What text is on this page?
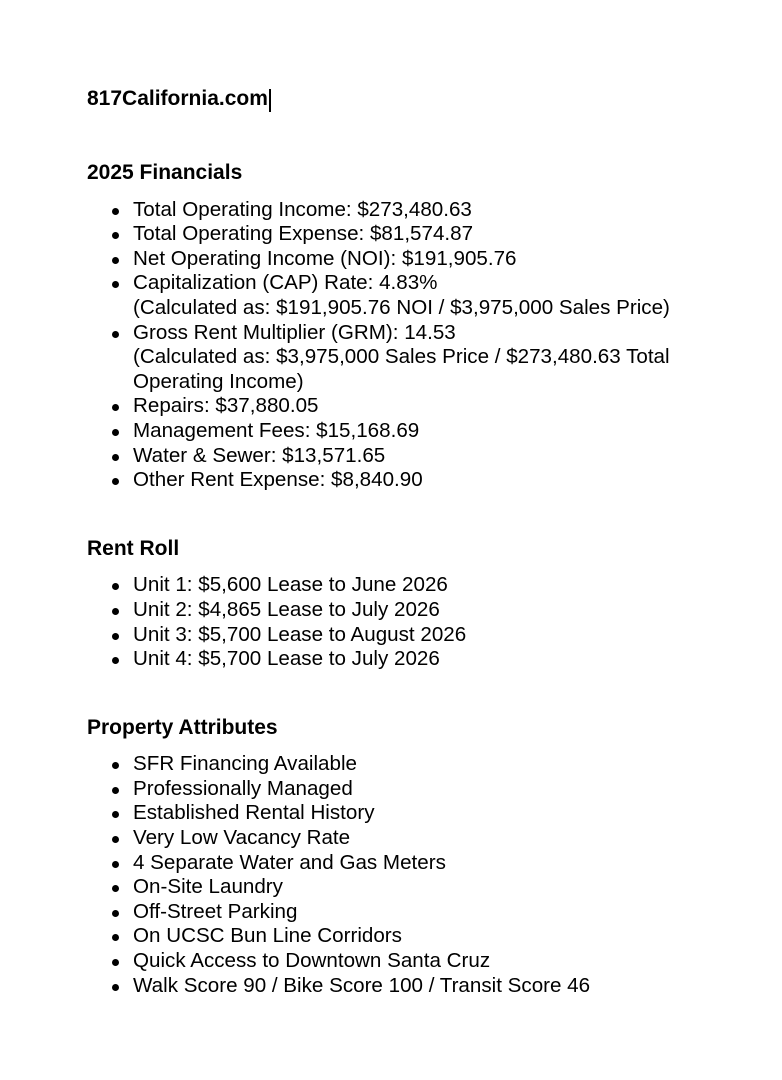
817California.com
2025 Financials
Total Operating Income: $273,480.63
Total Operating Expense: $81,574.87
Net Operating Income (NOI): $191,905.76
Capitalization (CAP) Rate: 4.83%
(Calculated as: $191,905.76 NOI / $3,975,000 Sales Price)
Gross Rent Multiplier (GRM): 14.53
(Calculated as: $3,975,000 Sales Price / $273,480.63 Total Operating Income)
Repairs: $37,880.05
Management Fees: $15,168.69
Water & Sewer: $13,571.65
Other Rent Expense: $8,840.90
Rent Roll
Unit 1: $5,600 Lease to June 2026
Unit 2: $4,865 Lease to July 2026
Unit 3: $5,700 Lease to August 2026
Unit 4: $5,700 Lease to July 2026
Property Attributes
SFR Financing Available
Professionally Managed
Established Rental History
Very Low Vacancy Rate
4 Separate Water and Gas Meters
On-Site Laundry
Off-Street Parking
On UCSC Bun Line Corridors
Quick Access to Downtown Santa Cruz
Walk Score 90 / Bike Score 100 / Transit Score 46
